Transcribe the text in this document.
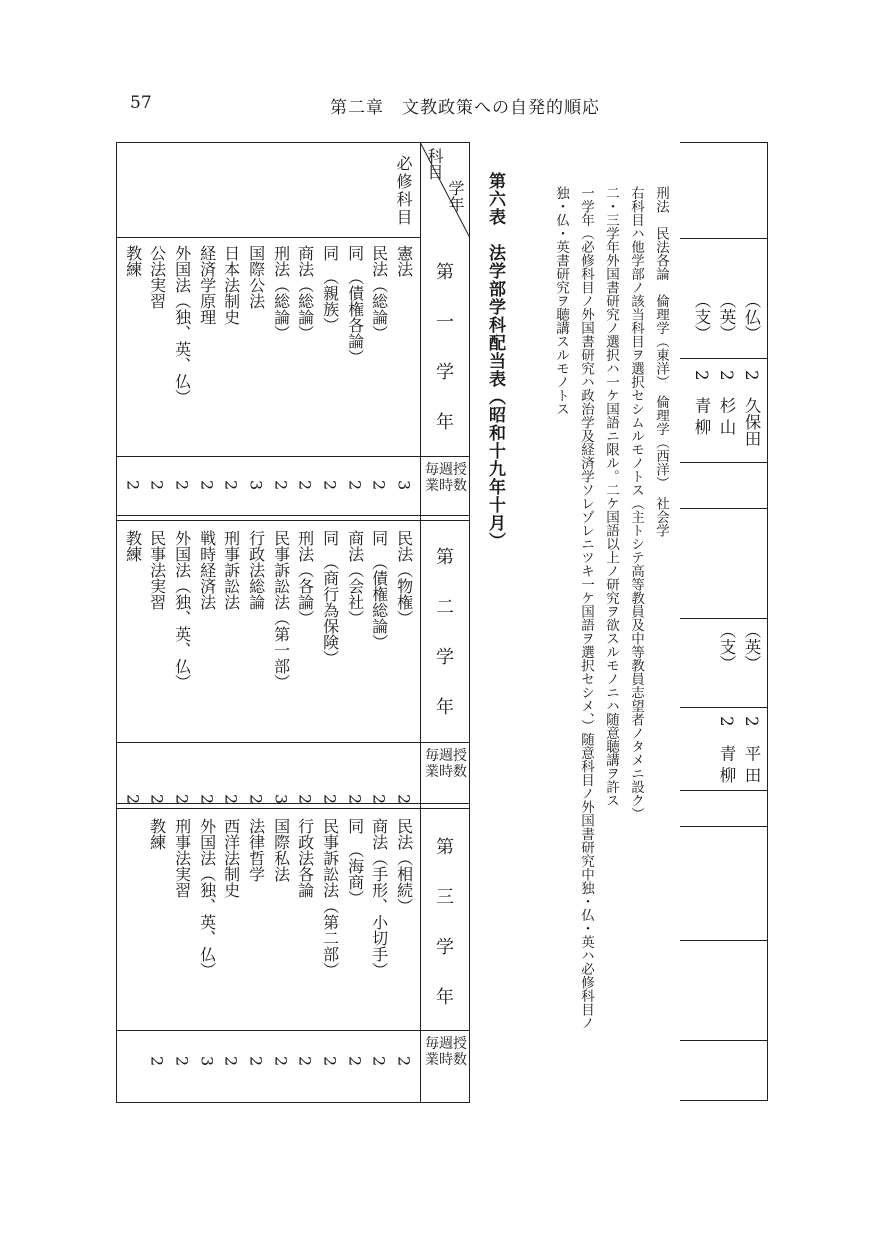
57	第二章　文教政策への自発的順応
（仏）
（英）
（支）
2
2
2
久保田
杉山
青柳
（英）
（支）
2
2
平田
青柳
刑法　民法各論　倫理学（東洋）　倫理学（西洋）　社会学
右科目ハ他学部ノ該当科目ヲ選択セシムルモノトス（主トシテ高等教員及中等教員志望者ノタメニ設ク）
二・三学年外国書研究ノ選択ハ一ケ国語ニ限ル。二ケ国語以上ノ研究ヲ欲スルモノニハ随意聴講ヲ許ス
一学年（必修科目ノ外国書研究ハ政治学及経済学ソレゾレニツキ一ケ国語ヲ選択セシメ、）随意科目ノ外国書研究中独・仏・英ハ必修科目ノ
独・仏・英書研究ヲ聴講スルモノトス
第六表　法学部学科配当表（昭和十九年十月）
学年
科目
必修科目
第一学年
第二学年
第三学年
毎週授業時数
毎週授業時数
毎週授業時数
憲法
民法（総論）
同　（債権各論）
同　（親族）
商法（総論）
刑法（総論）
国際公法
日本法制史
経済学原理
外国法（独、英、仏）
公法実習
教練
3
2
2
2
2
2
3
2
2
2
2
2
民法（物権）
同　（債権総論）
商法（会社）
同　（商行為保険）
刑法（各論）
民事訴訟法（第一部）
行政法総論
刑事訴訟法
戦時経済法
外国法（独、英、仏）
民事法実習
教練
2
2
2
2
2
3
2
2
2
2
2
2
民法（相続）
商法（手形、小切手）
同　（海商）
民事訴訟法（第二部）
行政法各論
国際私法
法律哲学
西洋法制史
外国法（独、英、仏）
刑事法実習
教練
2
2
2
2
2
2
2
2
3
2
2
